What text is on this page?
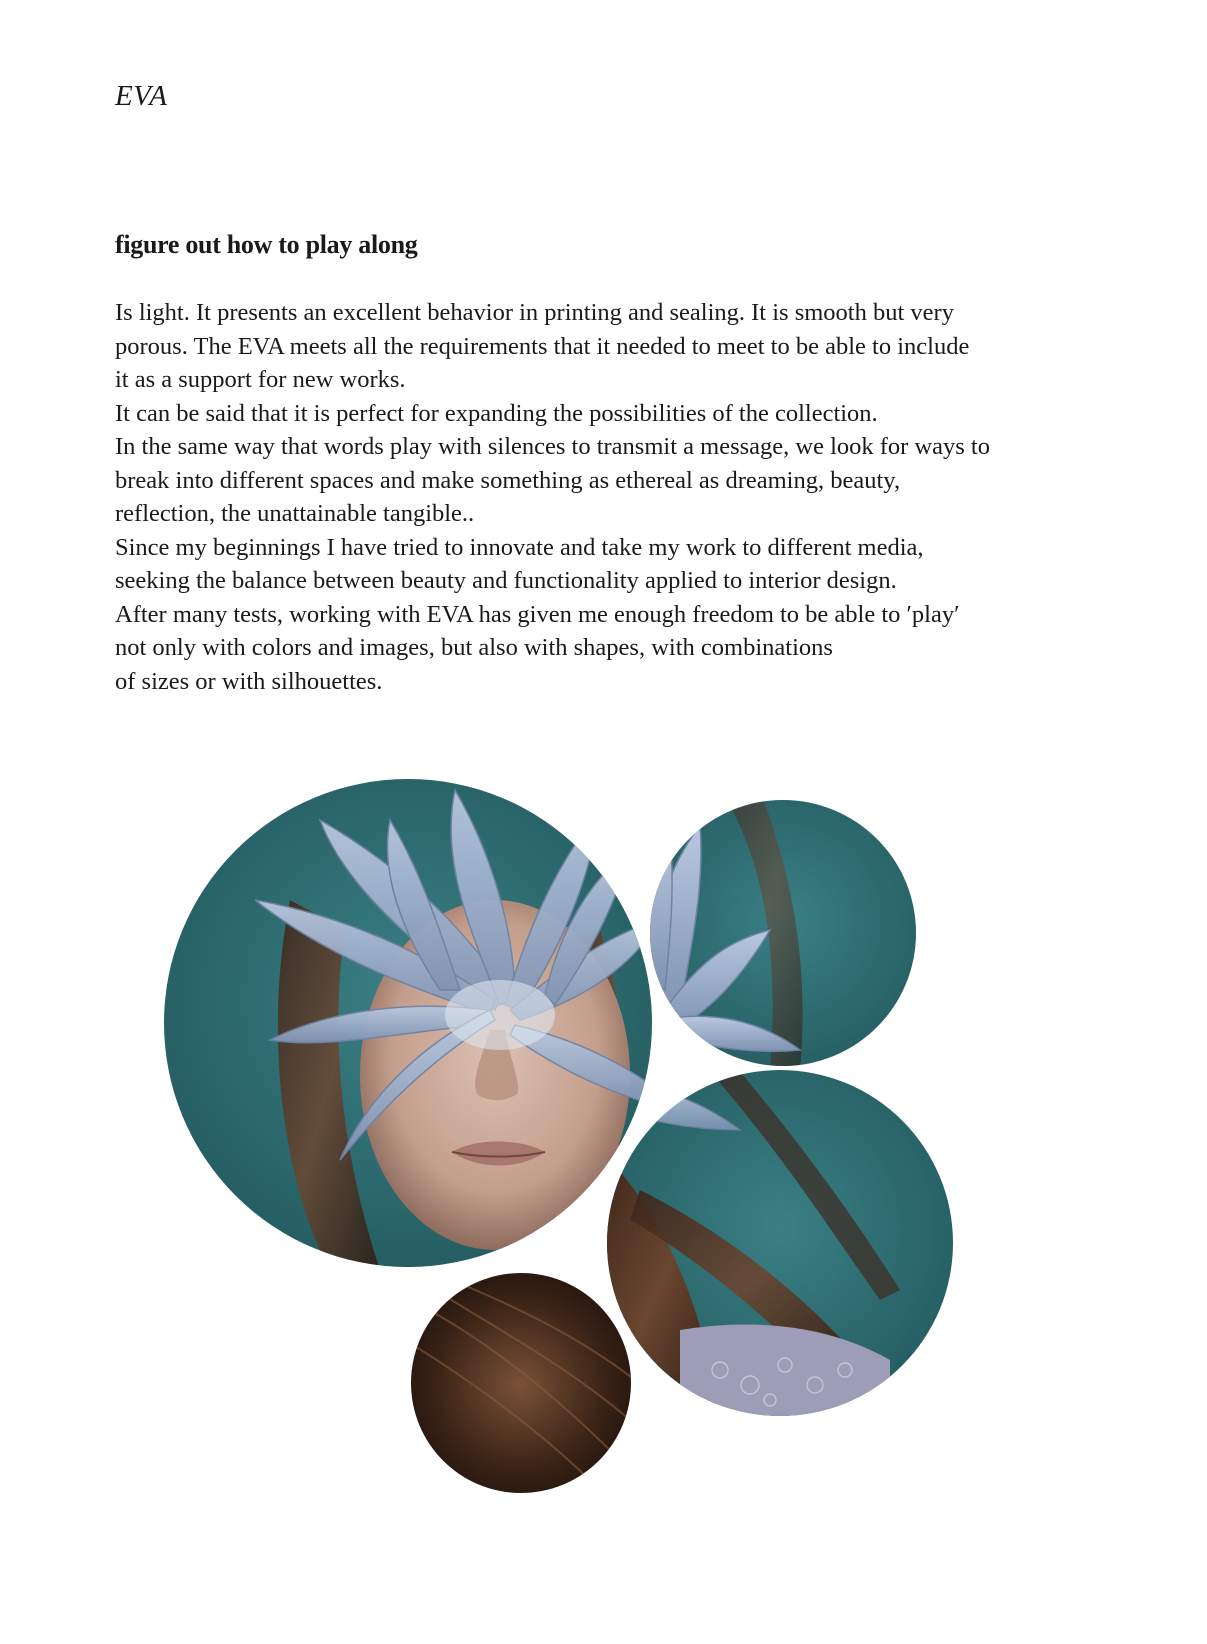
EVA
figure out how to play along

Is light. It presents an excellent behavior in printing and sealing. It is smooth but very
porous. The EVA meets all the requirements that it needed to meet to be able to include
it as a support for new works.
It can be said that it is perfect for expanding the possibilities of the collection.
In the same way that words play with silences to transmit a message, we look for ways to
break into different spaces and make something as ethereal as dreaming, beauty,
reflection, the unattainable tangible..
Since my beginnings I have tried to innovate and take my work to different media,
seeking the balance between beauty and functionality applied to interior design.
After many tests, working with EVA has given me enough freedom to be able to ′play′
not only with colors and images, but also with shapes, with combinations
of sizes or with silhouettes.
